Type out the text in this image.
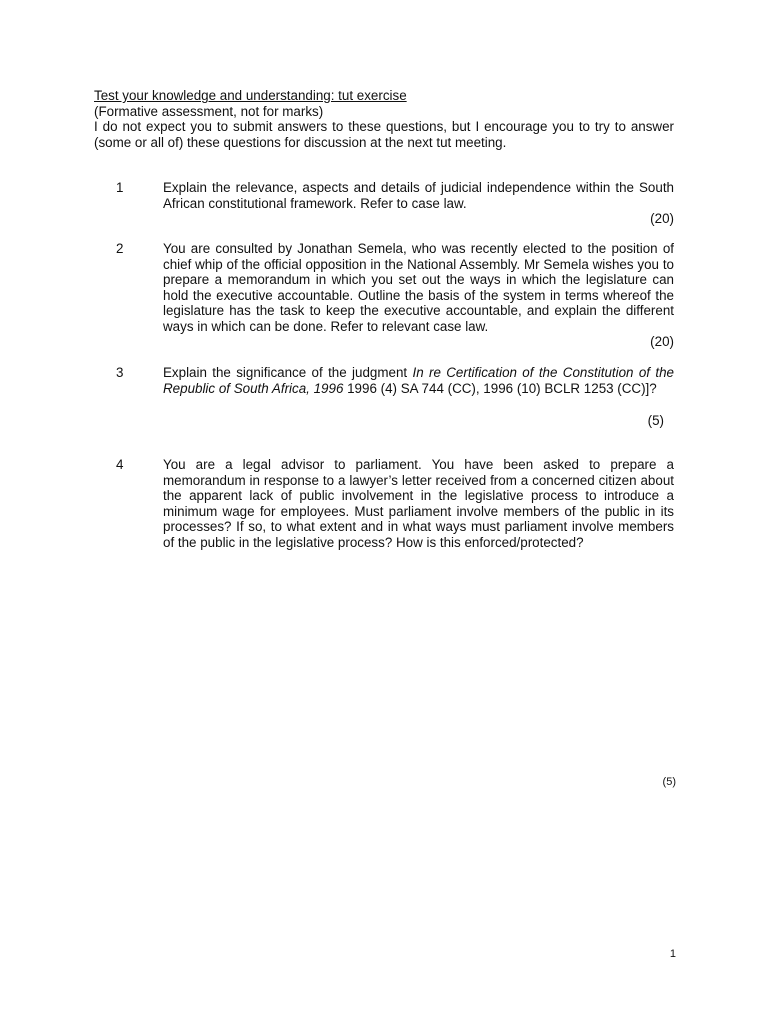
Test your knowledge and understanding: tut exercise
(Formative assessment, not for marks)
I do not expect you to submit answers to these questions, but I encourage you to try to answer (some or all of) these questions for discussion at the next tut meeting.
1	Explain the relevance, aspects and details of judicial independence within the South African constitutional framework. Refer to case law.
(20)
2	You are consulted by Jonathan Semela, who was recently elected to the position of chief whip of the official opposition in the National Assembly. Mr Semela wishes you to prepare a memorandum in which you set out the ways in which the legislature can hold the executive accountable. Outline the basis of the system in terms whereof the legislature has the task to keep the executive accountable, and explain the different ways in which can be done. Refer to relevant case law.
(20)
3	Explain the significance of the judgment In re Certification of the Constitution of the Republic of South Africa, 1996 1996 (4) SA 744 (CC), 1996 (10) BCLR 1253 (CC)]?
(5)
4	You are a legal advisor to parliament. You have been asked to prepare a memorandum in response to a lawyer’s letter received from a concerned citizen about the apparent lack of public involvement in the legislative process to introduce a minimum wage for employees. Must parliament involve members of the public in its processes? If so, to what extent and in what ways must parliament involve members of the public in the legislative process? How is this enforced/protected?
(5)
1
